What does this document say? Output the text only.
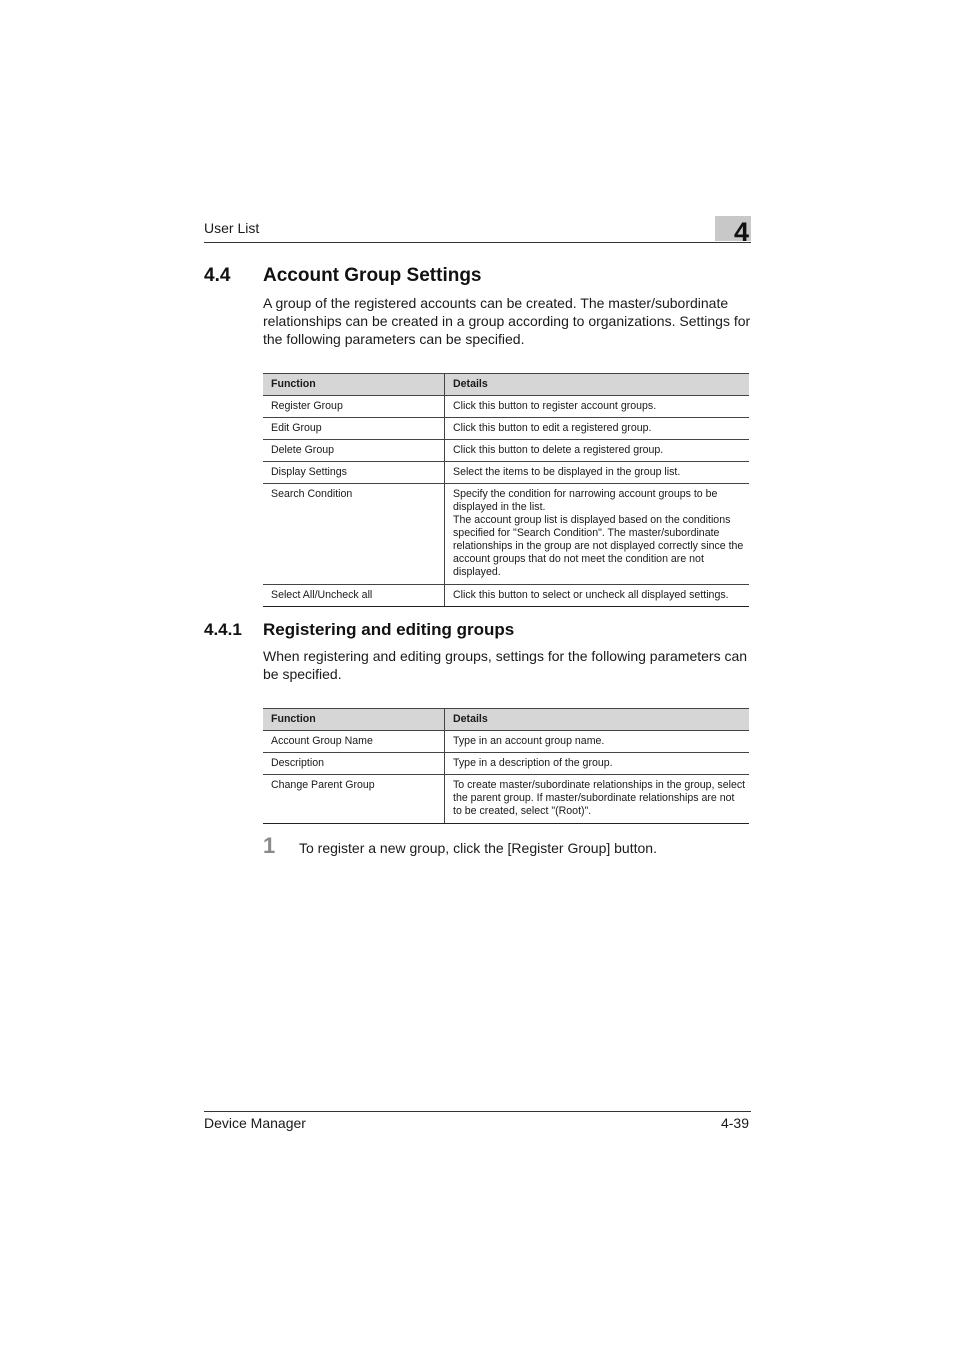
User List	4
4.4 Account Group Settings
A group of the registered accounts can be created. The master/subordinate relationships can be created in a group according to organizations. Settings for the following parameters can be specified.
Function	Details
Register Group	Click this button to register account groups.

Edit Group	Click this button to edit a registered group.

Delete Group	Click this button to delete a registered group.

Display Settings	Select the items to be displayed in the group list.

Search Condition	Specify the condition for narrowing account groups to be displayed in the list.
The account group list is displayed based on the conditions specified for "Search Condition". The master/subordinate relationships in the group are not displayed correctly since the account groups that do not meet the condition are not displayed.

Select All/Uncheck all	Click this button to select or uncheck all displayed settings.
4.4.1 Registering and editing groups
When registering and editing groups, settings for the following parameters can be specified.
Function	Details
Account Group Name	Type in an account group name.

Description	Type in a description of the group.

Change Parent Group	To create master/subordinate relationships in the group, select the parent group. If master/subordinate relationships are not to be created, select "(Root)".
1 To register a new group, click the [Register Group] button.
Device Manager	4-39
